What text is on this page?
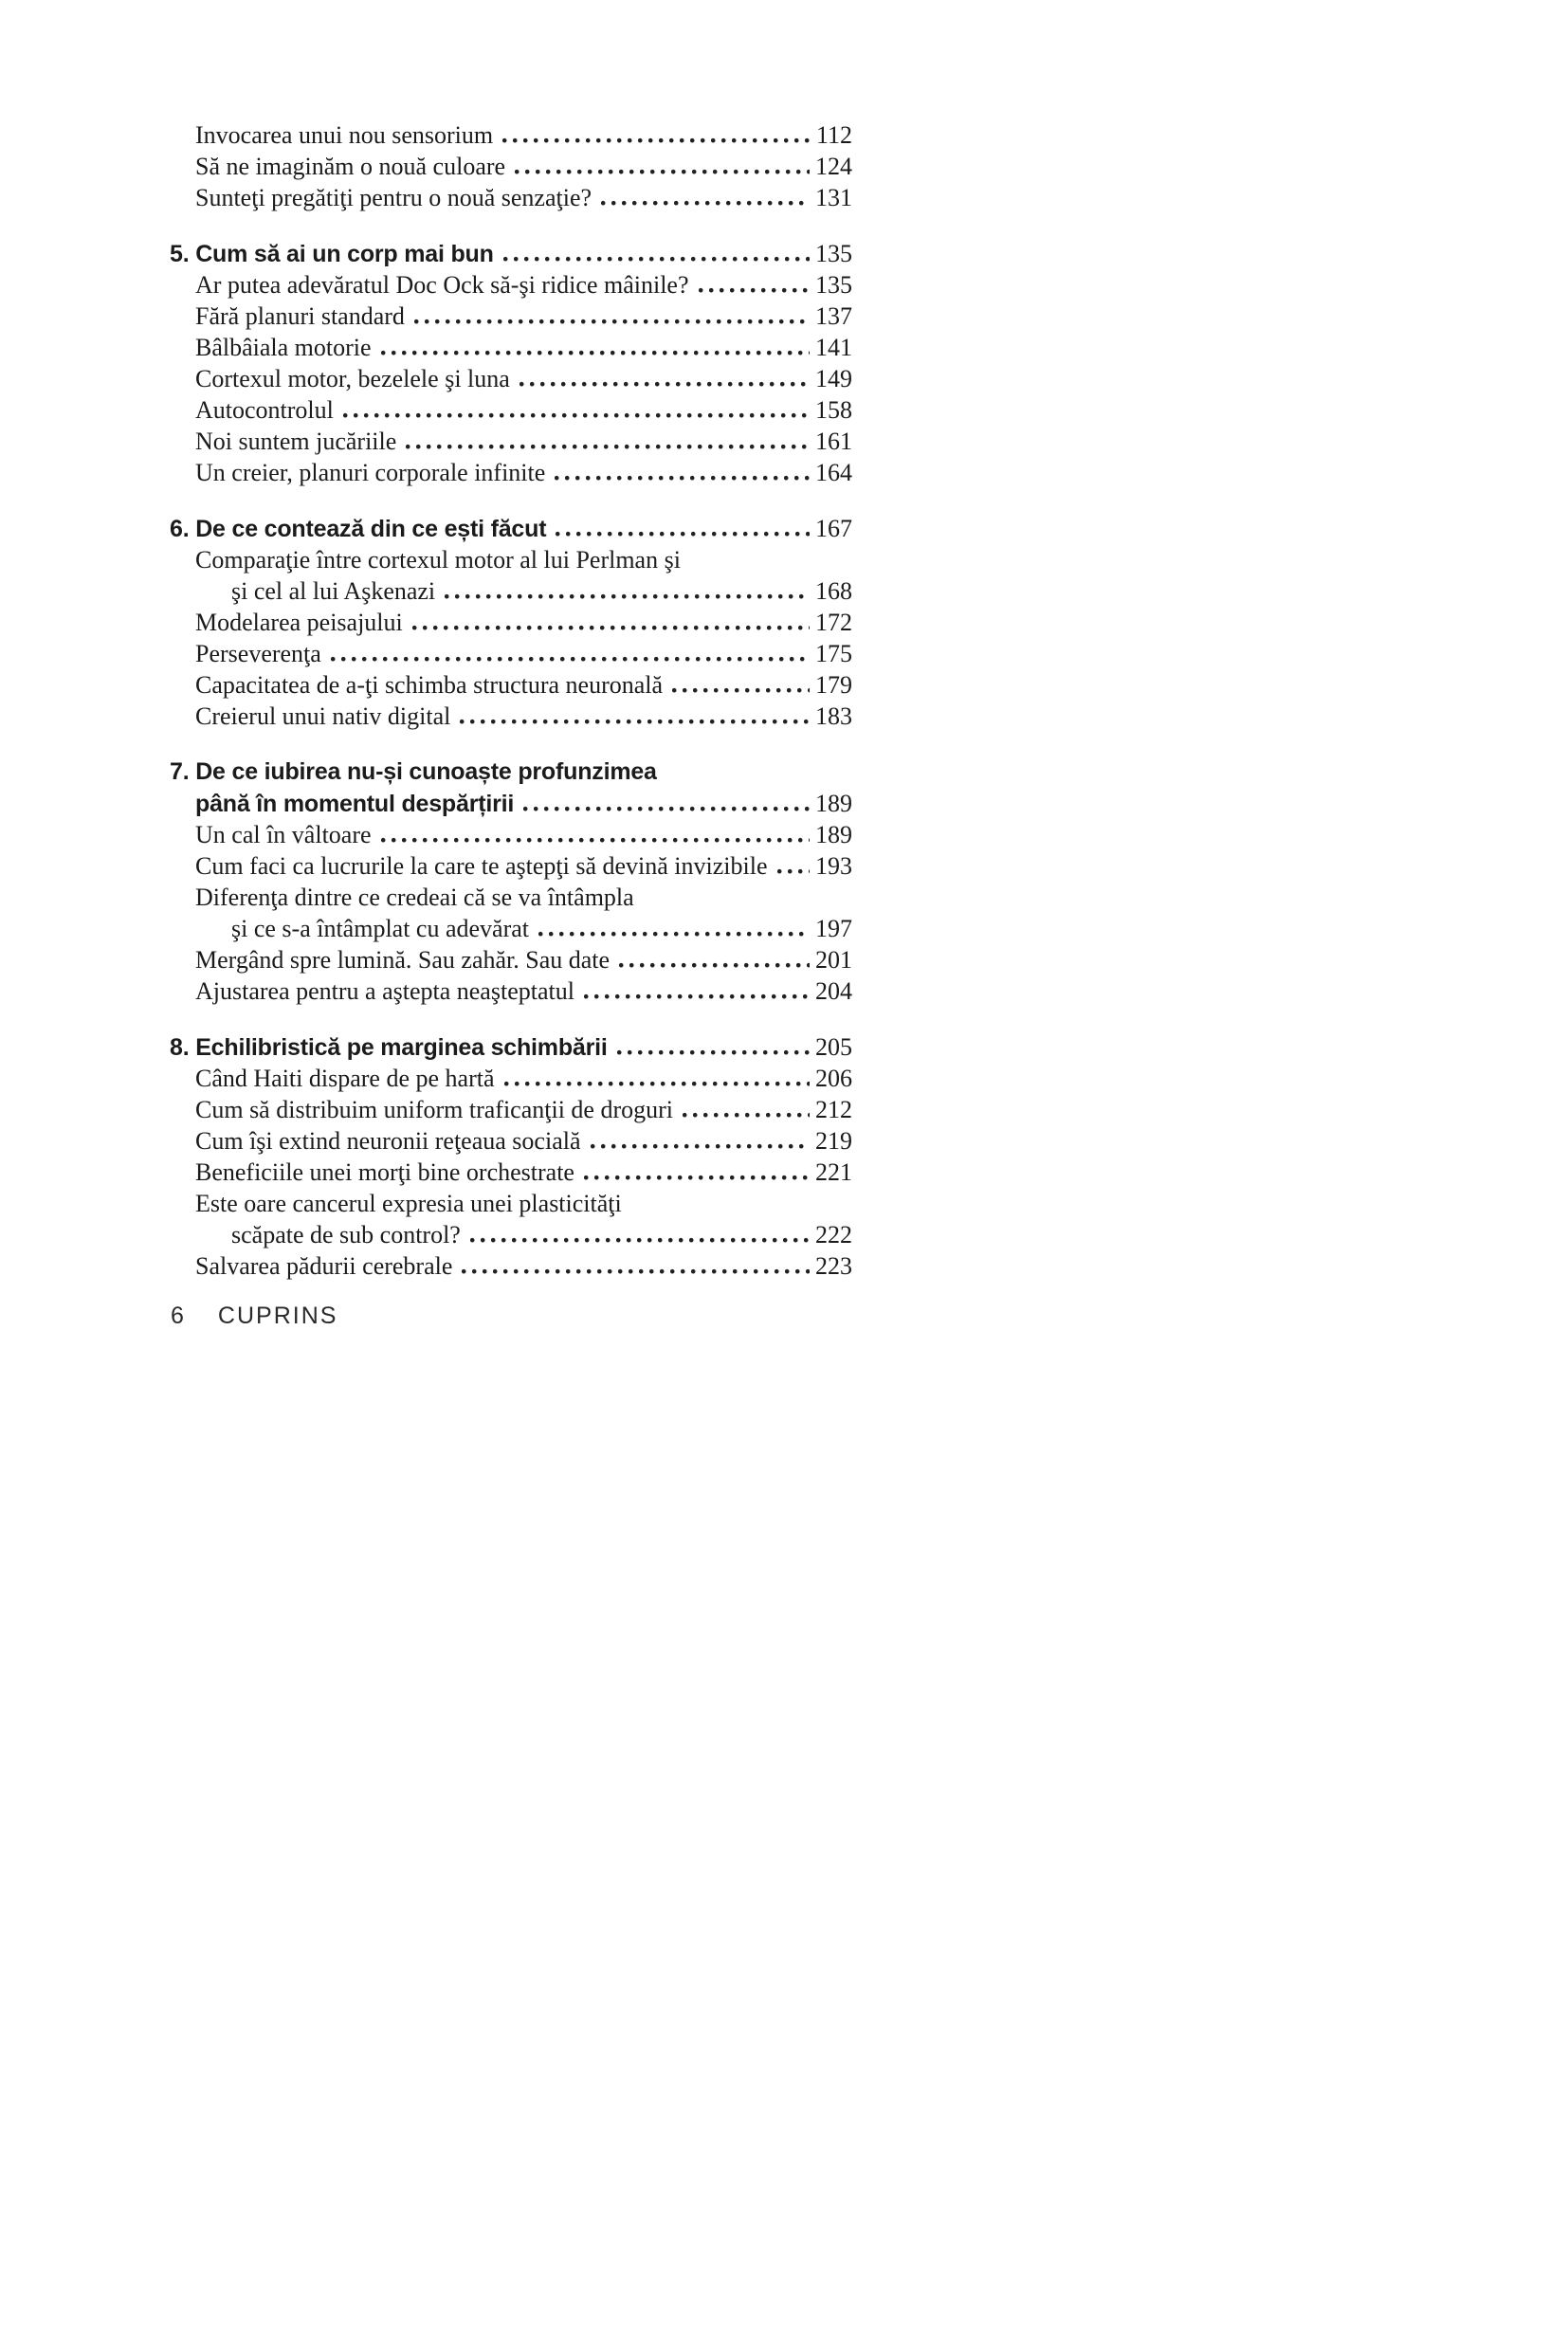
Invocarea unui nou sensorium	112
Să ne imaginăm o nouă culoare	124
Sunteţi pregătiţi pentru o nouă senzaţie?	131
5. Cum să ai un corp mai bun	135
Ar putea adevăratul Doc Ock să-şi ridice mâinile?	135
Fără planuri standard	137
Bâlbâiala motorie	141
Cortexul motor, bezelele şi luna	149
Autocontrolul	158
Noi suntem jucăriile	161
Un creier, planuri corporale infinite	164
6. De ce contează din ce ești făcut	167
Comparaţie între cortexul motor al lui Perlman şi
şi cel al lui Aşkenazi	168
Modelarea peisajului	172
Perseverenţa	175
Capacitatea de a-ţi schimba structura neuronală	179
Creierul unui nativ digital	183
7. De ce iubirea nu-și cunoaște profunzimea
până în momentul despărțirii	189
Un cal în vâltoare	189
Cum faci ca lucrurile la care te aştepţi să devină invizibile 193
Diferenţa dintre ce credeai că se va întâmpla
şi ce s-a întâmplat cu adevărat	197
Mergând spre lumină. Sau zahăr. Sau date	201
Ajustarea pentru a aştepta neaşteptatul	204
8. Echilibristică pe marginea schimbării	205
Când Haiti dispare de pe hartă	206
Cum să distribuim uniform traficanţii de droguri	212
Cum îşi extind neuronii reţeaua socială	219
Beneficiile unei morţi bine orchestrate	221
Este oare cancerul expresia unei plasticităţi
scăpate de sub control?	222
Salvarea pădurii cerebrale	223
6 CUPRINS
